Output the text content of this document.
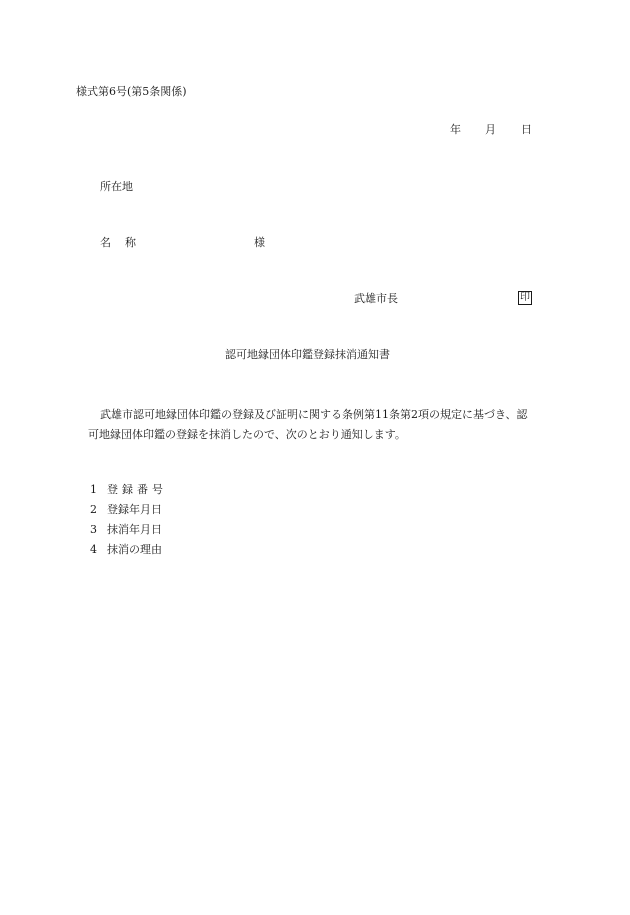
様式第6号(第5条関係)
年 月 日
所在地
名 称	様
武雄市長	印
認可地縁団体印鑑登録抹消通知書
武雄市認可地縁団体印鑑の登録及び証明に関する条例第11条第2項の規定に基づき、認
可地縁団体印鑑の登録を抹消したので、次のとおり通知します。
1 登録番号
2 登録年月日
3 抹消年月日
4 抹消の理由
